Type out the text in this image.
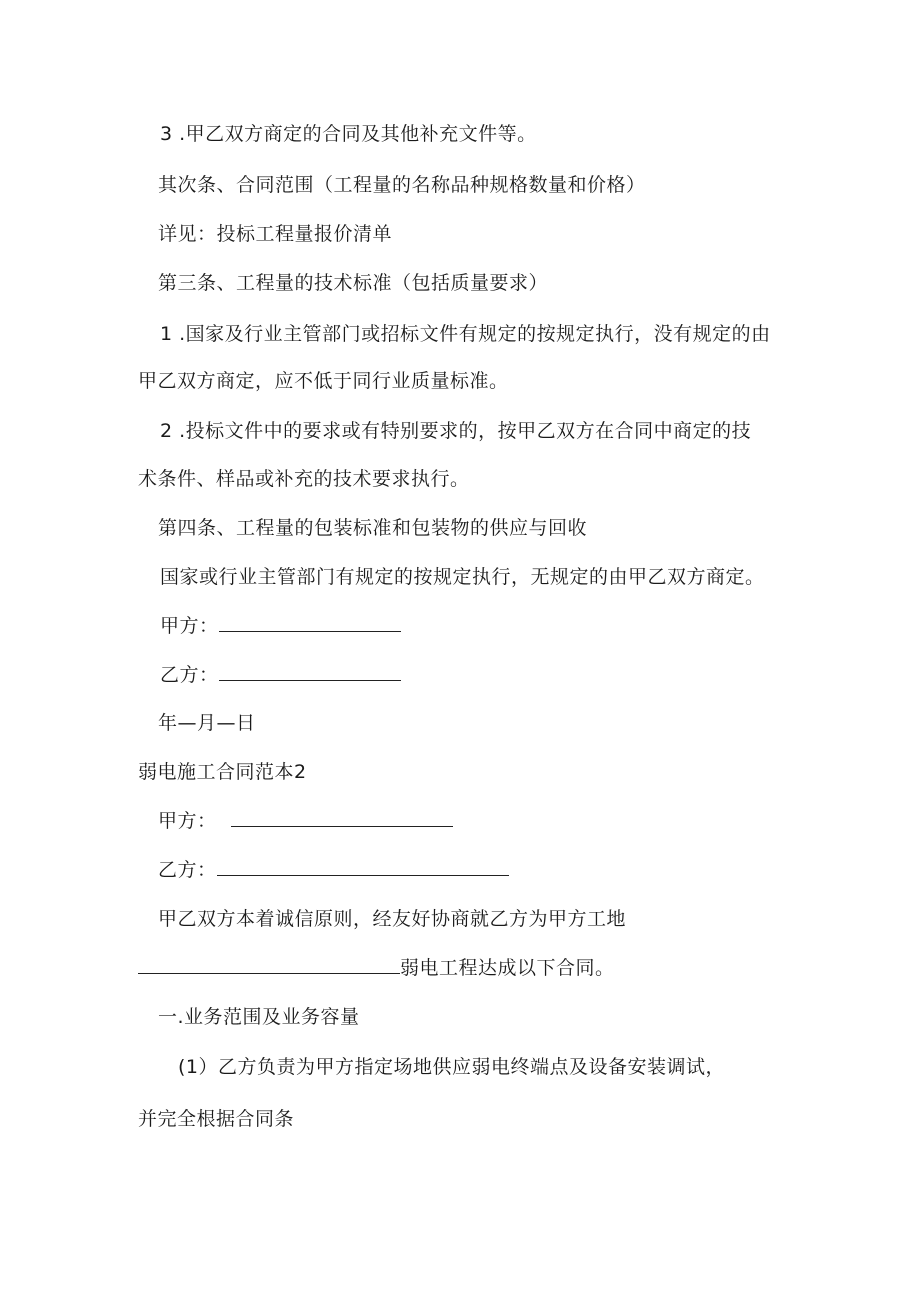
3 .甲乙双方商定的合同及其他补充文件等。
其次条、合同范围（工程量的名称品种规格数量和价格）
详见：投标工程量报价清单
第三条、工程量的技术标准（包括质量要求）
1 .国家及行业主管部门或招标文件有规定的按规定执行，没有规定的由
甲乙双方商定，应不低于同行业质量标准。
2 .投标文件中的要求或有特别要求的，按甲乙双方在合同中商定的技
术条件、样品或补充的技术要求执行。
第四条、工程量的包装标准和包装物的供应与回收
国家或行业主管部门有规定的按规定执行，无规定的由甲乙双方商定。
甲方：
乙方：
年—月—日
弱电施工合同范本2
甲方：
乙方：
甲乙双方本着诚信原则，经友好协商就乙方为甲方工地
弱电工程达成以下合同。
一.业务范围及业务容量
(1）乙方负责为甲方指定场地供应弱电终端点及设备安装调试，
并完全根据合同条
